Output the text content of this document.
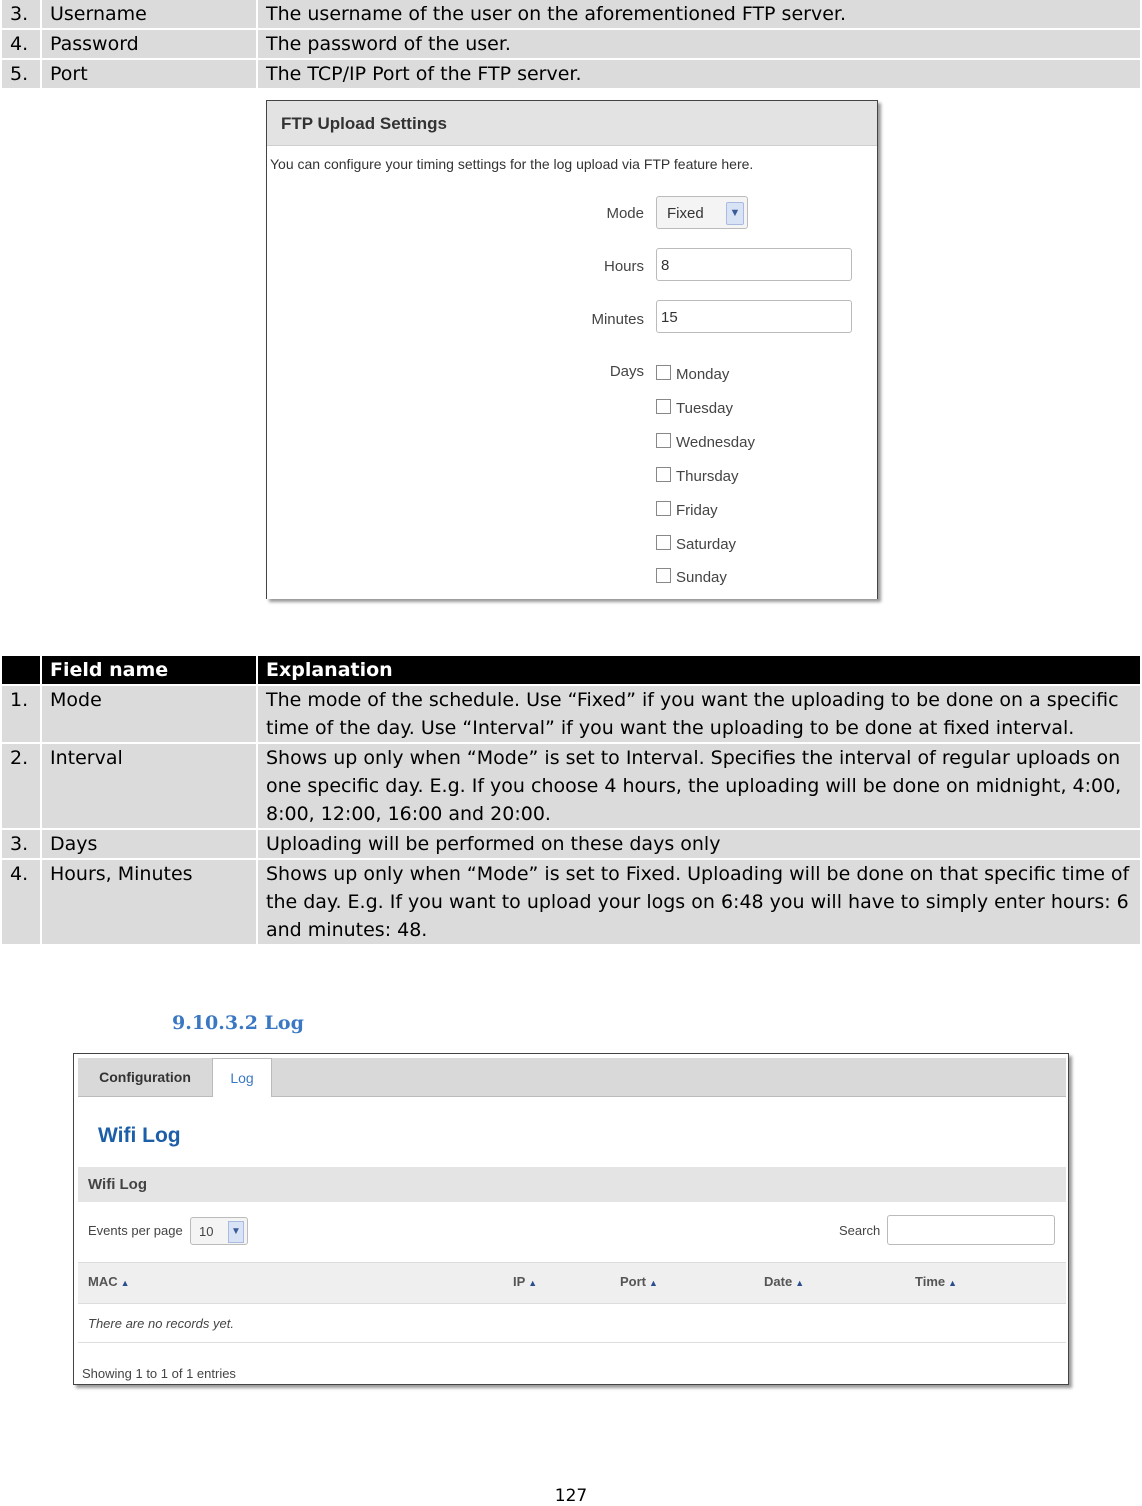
3.	Username	The username of the user on the aforementioned FTP server.
4.	Password	The password of the user.
5.	Port	The TCP/IP Port of the FTP server.
FTP Upload Settings
You can configure your timing settings for the log upload via FTP feature here.
Mode	Fixed	▼
Hours	8
Minutes	15
Days	Monday
Tuesday
Wednesday
Thursday
Friday
Saturday
Sunday
	Field name	Explanation
1.	Mode	The mode of the schedule. Use “Fixed” if you want the uploading to be done on a specific time of the day. Use “Interval” if you want the uploading to be done at fixed interval.
2.	Interval	Shows up only when “Mode” is set to Interval. Specifies the interval of regular uploads on one specific day. E.g. If you choose 4 hours, the uploading will be done on midnight, 4:00, 8:00, 12:00, 16:00 and 20:00.
3.	Days	Uploading will be performed on these days only
4.	Hours, Minutes	Shows up only when “Mode” is set to Fixed. Uploading will be done on that specific time of the day. E.g. If you want to upload your logs on 6:48 you will have to simply enter hours: 6 and minutes: 48.
9.10.3.2 Log
Configuration	Log
Wifi Log
Wifi Log
Events per page	10	▼	Search
MAC ▲	IP ▲	Port ▲	Date ▲	Time ▲
There are no records yet.
Showing 1 to 1 of 1 entries
127
